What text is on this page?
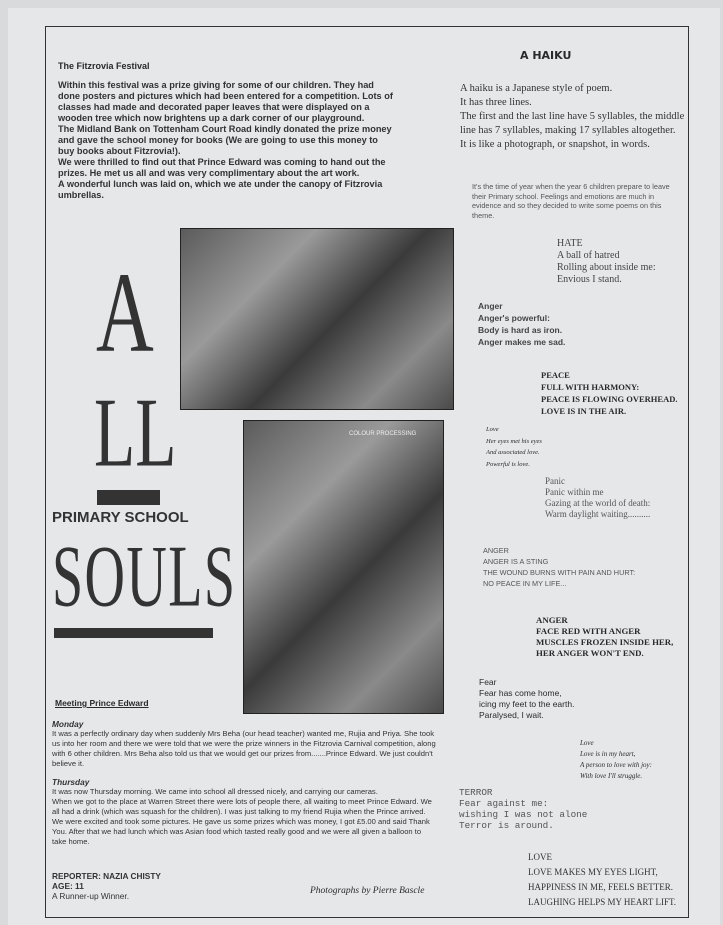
The Fitzrovia Festival

Within this festival was a prize giving for some of our children. They had done posters and pictures which had been entered for a competition. Lots of classes had made and decorated paper leaves that were displayed on a wooden tree which now brightens up a dark corner of our playground.

The Midland Bank on Tottenham Court Road kindly donated the prize money and gave the school money for books (We are going to use this money to buy books about Fitzrovia!).

We were thrilled to find out that Prince Edward was coming to hand out the prizes. He met us all and was very complimentary about the art work.

A wonderful lunch was laid on, which we ate under the canopy of Fitzrovia umbrellas.

A HAIKU

A haiku is a Japanese style of poem.

It has three lines.

The first and the last line have 5 syllables, the middle line has 7 syllables, making 17 syllables altogether.

It is like a photograph, or snapshot, in words.

It's the time of year when the year 6 children prepare to leave their Primary school. Feelings and emotions are much in evidence and so they decided to write some poems on this theme.
HATE
A ball of hatred
Rolling about inside me:
Envious I stand.
Anger
Anger's powerful:
Body is hard as iron.
Anger makes me sad.
PEACE
FULL WITH HARMONY:
PEACE IS FLOWING OVERHEAD.
LOVE IS IN THE AIR.
Love
Her eyes met his eyes
And associated love.
Powerful is love.
Panic
Panic within me
Gazing at the world of death:
Warm daylight waiting..........
ANGER
ANGER IS A STING
THE WOUND BURNS WITH PAIN AND HURT:
NO PEACE IN MY LIFE...
ANGER
FACE RED WITH ANGER
MUSCLES FROZEN INSIDE HER,
HER ANGER WON'T END.
Fear
Fear has come home,
icing my feet to the earth.
Paralysed, I wait.
Love
Love is in my heart,
A person to love with joy:
With love I'll struggle.
TERROR
Fear against me:
wishing I was not alone
Terror is around.
LOVE
LOVE MAKES MY EYES LIGHT,
HAPPINESS IN ME, FEELS BETTER.
LAUGHING HELPS MY HEART LIFT.
COLOUR PROCESSING
A
LL
PRIMARY SCHOOL
SOULS
Meeting Prince Edward

Monday

It was a perfectly ordinary day when suddenly Mrs Beha (our head teacher) wanted me, Rujia and Priya. She took us into her room and there we were told that we were the prize winners in the Fitzrovia Carnival competition, along with 6 other children. Mrs Beha also told us that we would get our prizes from.......Prince Edward. We just couldn't believe it.

Thursday

It was now Thursday morning. We came into school all dressed nicely, and carrying our cameras.

When we got to the place at Warren Street there were lots of people there, all waiting to meet Prince Edward. We all had a drink (which was squash for the children). I was just talking to my friend Rujia when the Prince arrived. We were excited and took some pictures. He gave us some prizes which was money, I got £5.00 and said Thank You. After that we had lunch which was Asian food which tasted really good and we were all given a balloon to take home.

REPORTER: NAZIA CHISTY
AGE: 11
A Runner-up Winner.	Photographs by Pierre Bascle
